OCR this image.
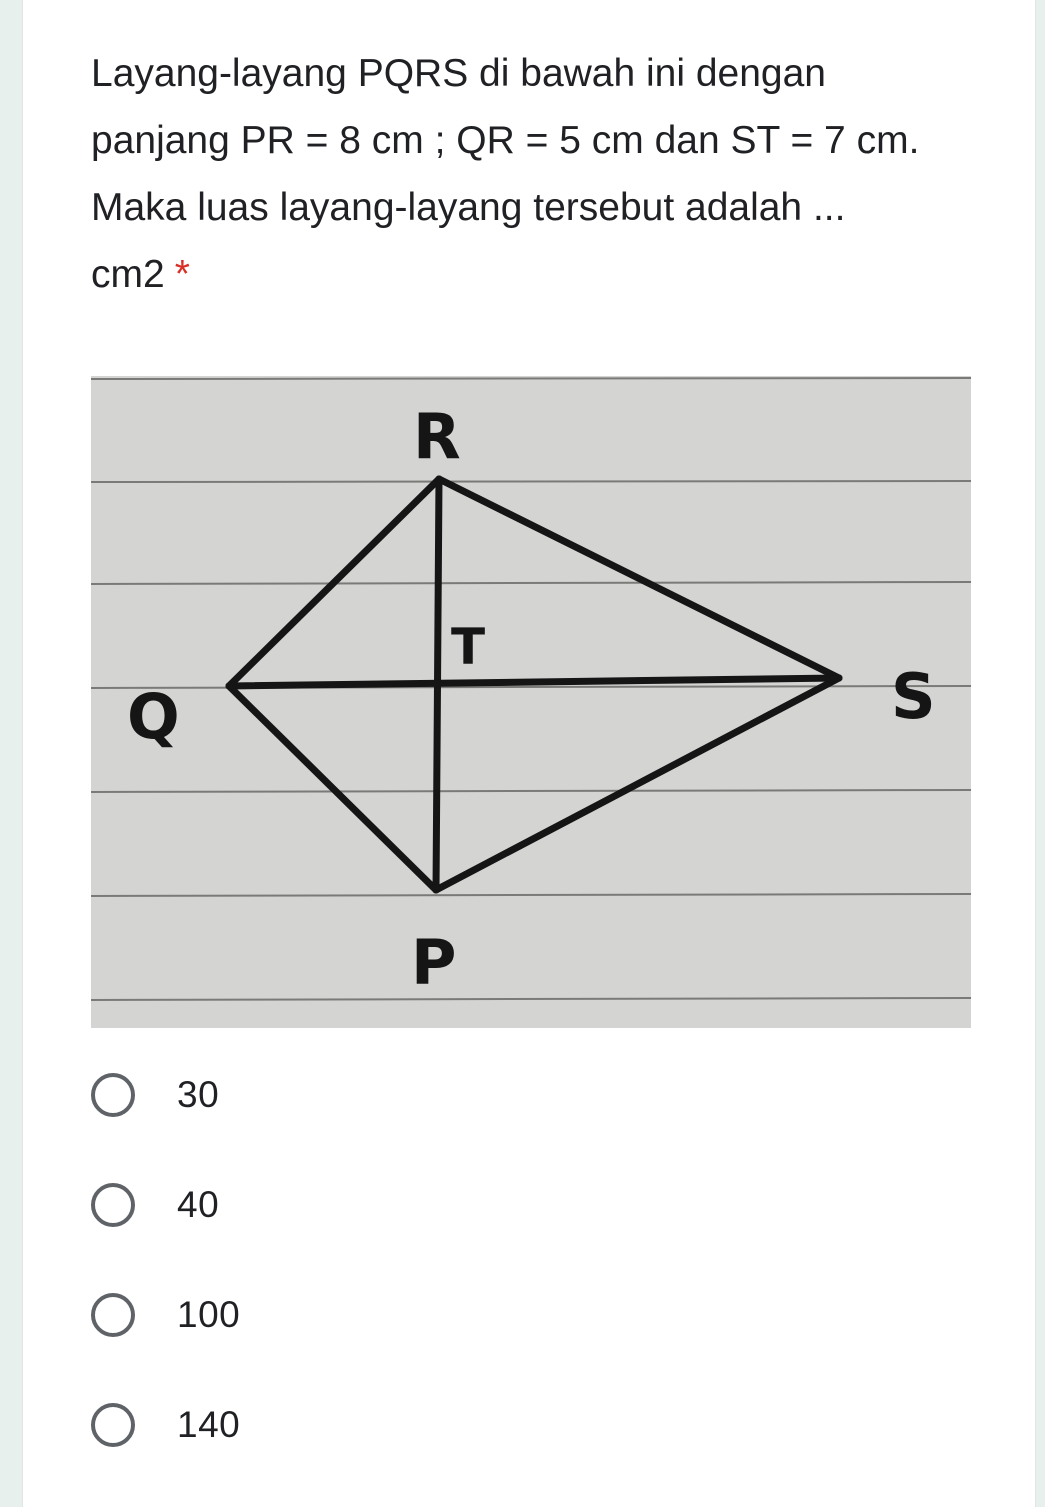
Layang-layang PQRS di bawah ini dengan panjang PR = 8 cm ; QR = 5 cm dan ST = 7 cm. Maka luas layang-layang tersebut adalah ... cm2 *

R
Q
T
S
P
30
40
100
140
